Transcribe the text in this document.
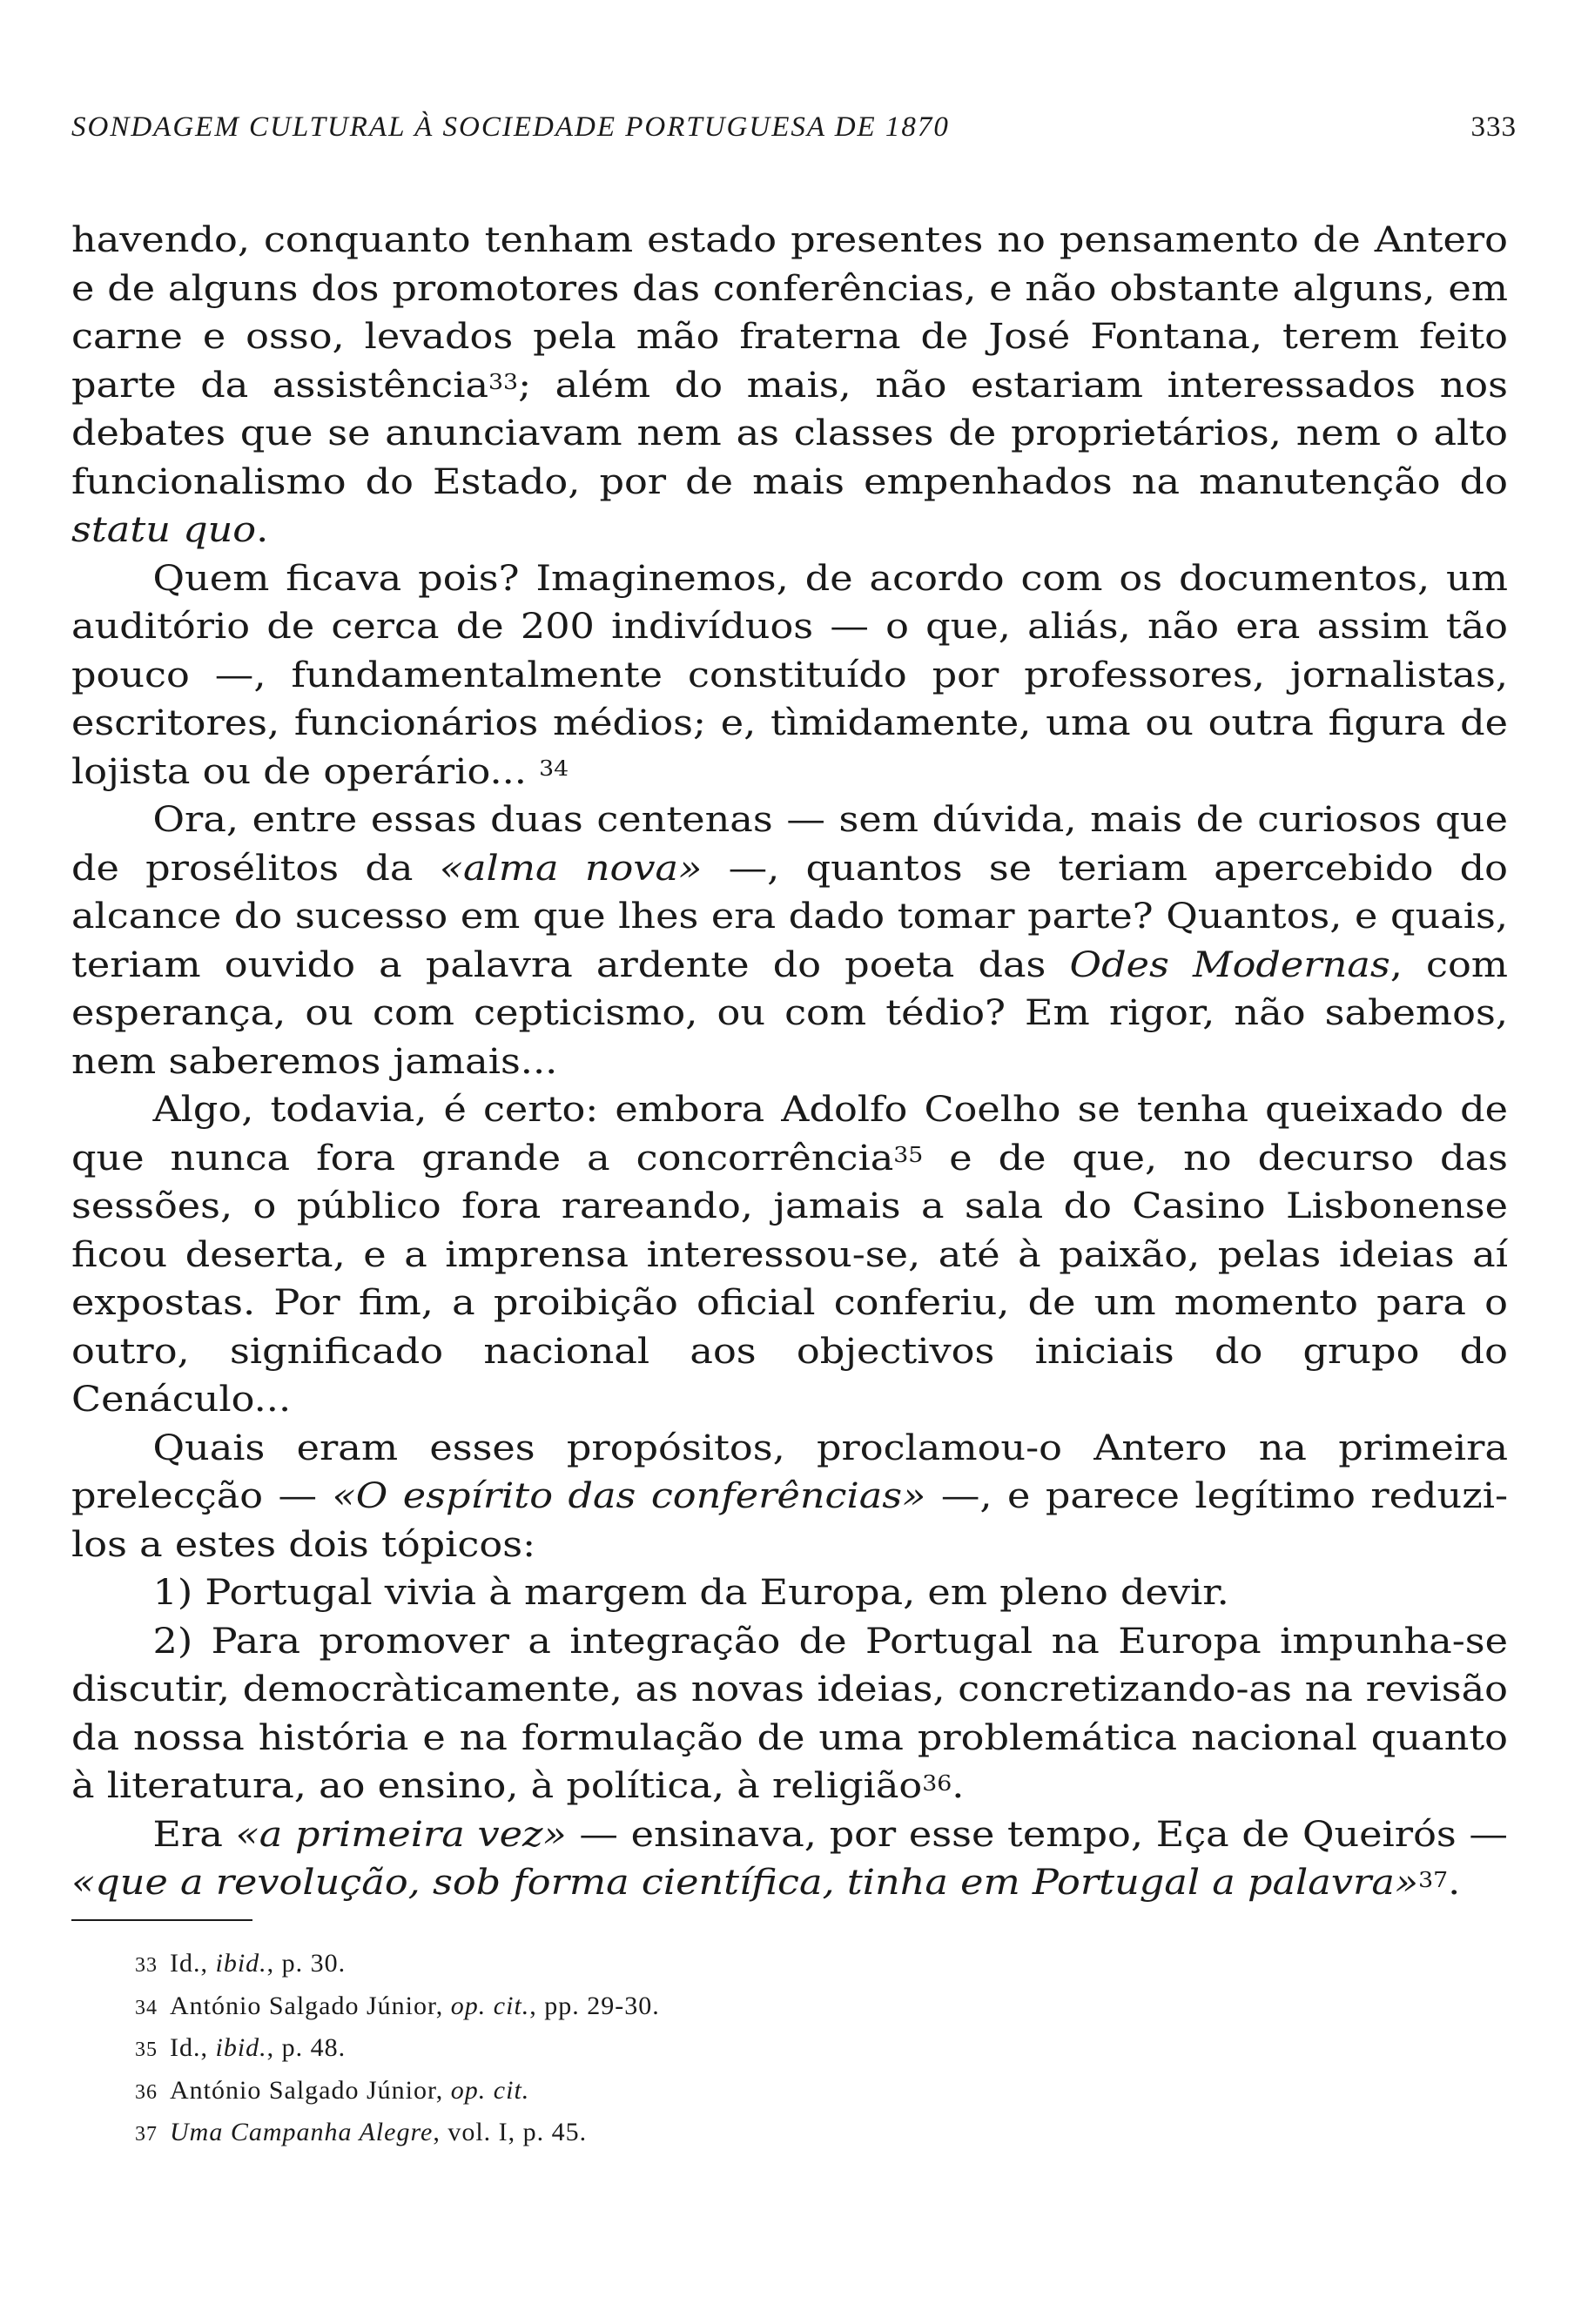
SONDAGEM CULTURAL À SOCIEDADE PORTUGUESA DE 1870	333

havendo, conquanto tenham estado presentes no pensamento de Antero e de alguns dos promotores das conferências, e não obstante alguns, em carne e osso, levados pela mão fraterna de José Fontana, terem feito parte da assistência$^{33}$; além do mais, não estariam interessados nos debates que se anunciavam nem as classes de proprietários, nem o alto funcionalismo do Estado, por de mais empenhados na manutenção do statu quo.

Quem ficava pois? Imaginemos, de acordo com os documentos, um auditório de cerca de 200 indivíduos — o que, aliás, não era assim tão pouco —, fundamentalmente constituído por professores, jornalistas, escritores, funcionários médios; e, tìmidamente, uma ou outra figura de lojista ou de operário... $^{34}$

Ora, entre essas duas centenas — sem dúvida, mais de curiosos que de prosélitos da «alma nova» —, quantos se teriam apercebido do alcance do sucesso em que lhes era dado tomar parte? Quantos, e quais, teriam ouvido a palavra ardente do poeta das Odes Modernas, com esperança, ou com cepticismo, ou com tédio? Em rigor, não sabemos, nem saberemos jamais...

Algo, todavia, é certo: embora Adolfo Coelho se tenha queixado de que nunca fora grande a concorrência$^{35}$ e de que, no decurso das sessões, o público fora rareando, jamais a sala do Casino Lisbonense ficou deserta, e a imprensa interessou-se, até à paixão, pelas ideias aí expostas. Por fim, a proibição oficial conferiu, de um momento para o outro, significado nacional aos objectivos iniciais do grupo do Cenáculo...

Quais eram esses propósitos, proclamou-o Antero na primeira prelecção — «O espírito das conferências» —, e parece legítimo reduzi-los a estes dois tópicos:

1) Portugal vivia à margem da Europa, em pleno devir.

2) Para promover a integração de Portugal na Europa impunha-se discutir, democràticamente, as novas ideias, concretizando-as na revisão da nossa história e na formulação de uma problemática nacional quanto à literatura, ao ensino, à política, à religião$^{36}$.

Era «a primeira vez» — ensinava, por esse tempo, Eça de Queirós — «que a revolução, sob forma científica, tinha em Portugal a palavra»$^{37}$.

33 Id., ibid., p. 30.
34 António Salgado Júnior, op. cit., pp. 29-30.
35 Id., ibid., p. 48.
36 António Salgado Júnior, op. cit.
37 Uma Campanha Alegre, vol. I, p. 45.
